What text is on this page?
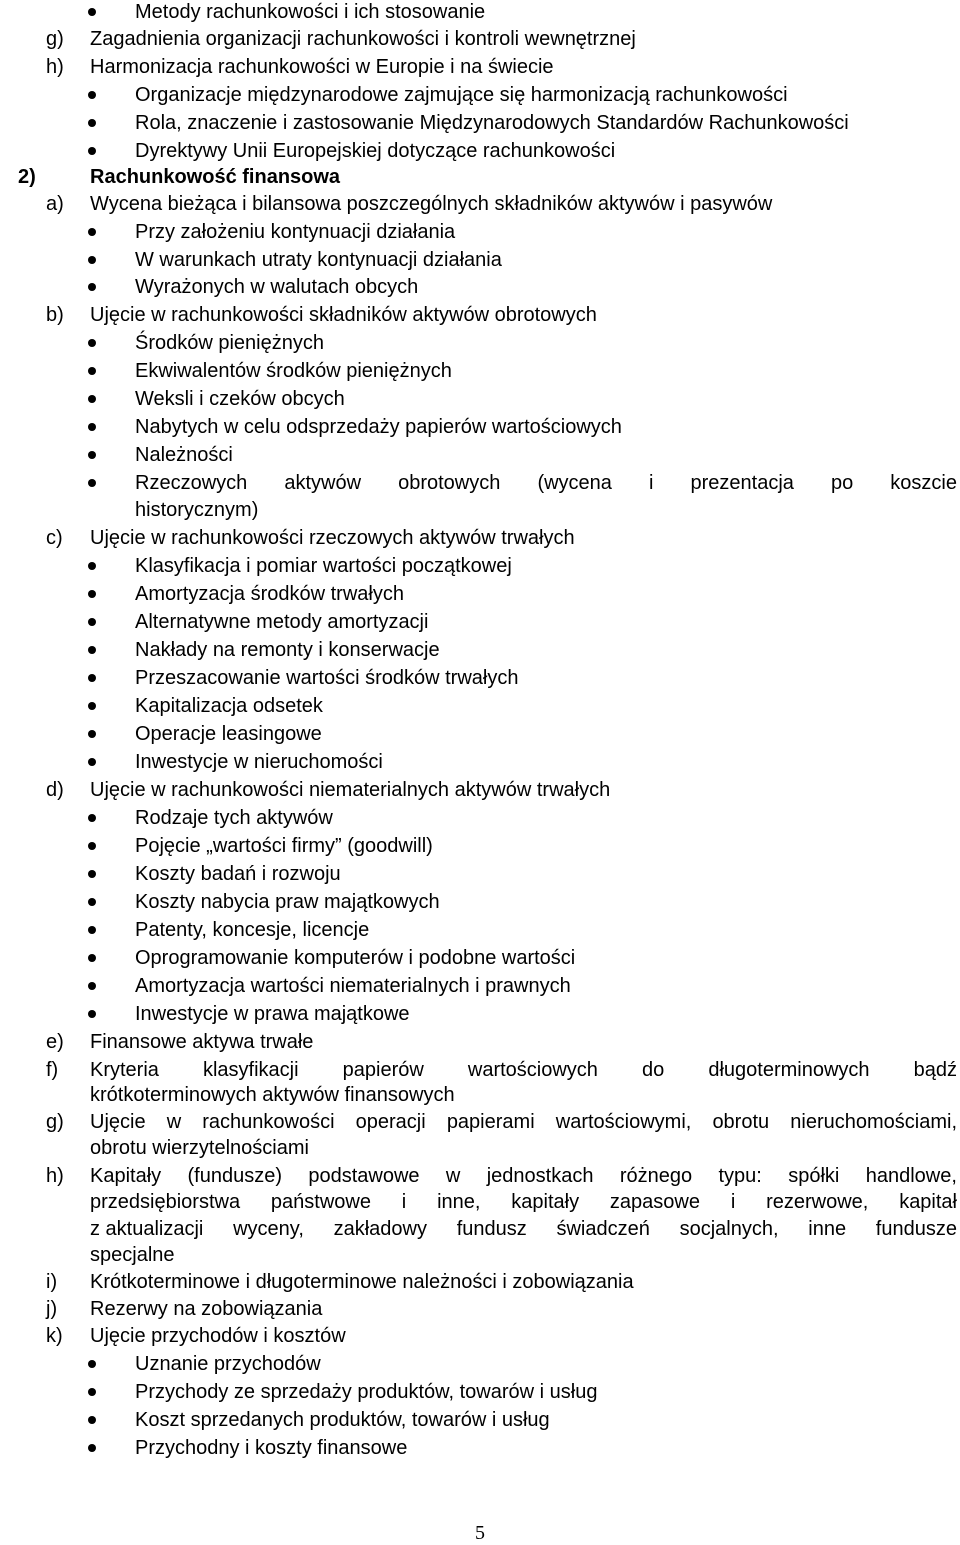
Metody rachunkowości i ich stosowanie
g) Zagadnienia organizacji rachunkowości i kontroli wewnętrznej
h) Harmonizacja rachunkowości w Europie i na świecie
Organizacje międzynarodowe zajmujące się harmonizacją rachunkowości
Rola, znaczenie i zastosowanie Międzynarodowych Standardów Rachunkowości
Dyrektywy Unii Europejskiej dotyczące rachunkowości
2)	Rachunkowość finansowa
a) Wycena bieżąca i bilansowa poszczególnych składników aktywów i pasywów
Przy założeniu kontynuacji działania
W warunkach utraty kontynuacji działania
Wyrażonych w walutach obcych
b) Ujęcie w rachunkowości składników aktywów obrotowych
Środków pieniężnych
Ekwiwalentów środków pieniężnych
Weksli i czeków obcych
Nabytych w celu odsprzedaży papierów wartościowych
Należności
Rzeczowych aktywów obrotowych (wycena i prezentacja po koszcie
historycznym)
c) Ujęcie w rachunkowości rzeczowych aktywów trwałych
Klasyfikacja i pomiar wartości początkowej
Amortyzacja środków trwałych
Alternatywne metody amortyzacji
Nakłady na remonty i konserwacje
Przeszacowanie wartości środków trwałych
Kapitalizacja odsetek
Operacje leasingowe
Inwestycje w nieruchomości
d) Ujęcie w rachunkowości niematerialnych aktywów trwałych
Rodzaje tych aktywów
Pojęcie „wartości firmy” (goodwill)
Koszty badań i rozwoju
Koszty nabycia praw majątkowych
Patenty, koncesje, licencje
Oprogramowanie komputerów i podobne wartości
Amortyzacja wartości niematerialnych i prawnych
Inwestycje w prawa majątkowe
e) Finansowe aktywa trwałe
f) Kryteria klasyfikacji papierów wartościowych do długoterminowych bądź
krótkoterminowych aktywów finansowych
g) Ujęcie w rachunkowości operacji papierami wartościowymi, obrotu nieruchomościami,
obrotu wierzytelnościami
h) Kapitały (fundusze) podstawowe w jednostkach różnego typu: spółki handlowe,
przedsiębiorstwa państwowe i inne, kapitały zapasowe i rezerwowe, kapitał
z aktualizacji wyceny, zakładowy fundusz świadczeń socjalnych, inne fundusze
specjalne
i) Krótkoterminowe i długoterminowe należności i zobowiązania
j) Rezerwy na zobowiązania
k) Ujęcie przychodów i kosztów
Uznanie przychodów
Przychody ze sprzedaży produktów, towarów i usług
Koszt sprzedanych produktów, towarów i usług
Przychodny i koszty finansowe
5
